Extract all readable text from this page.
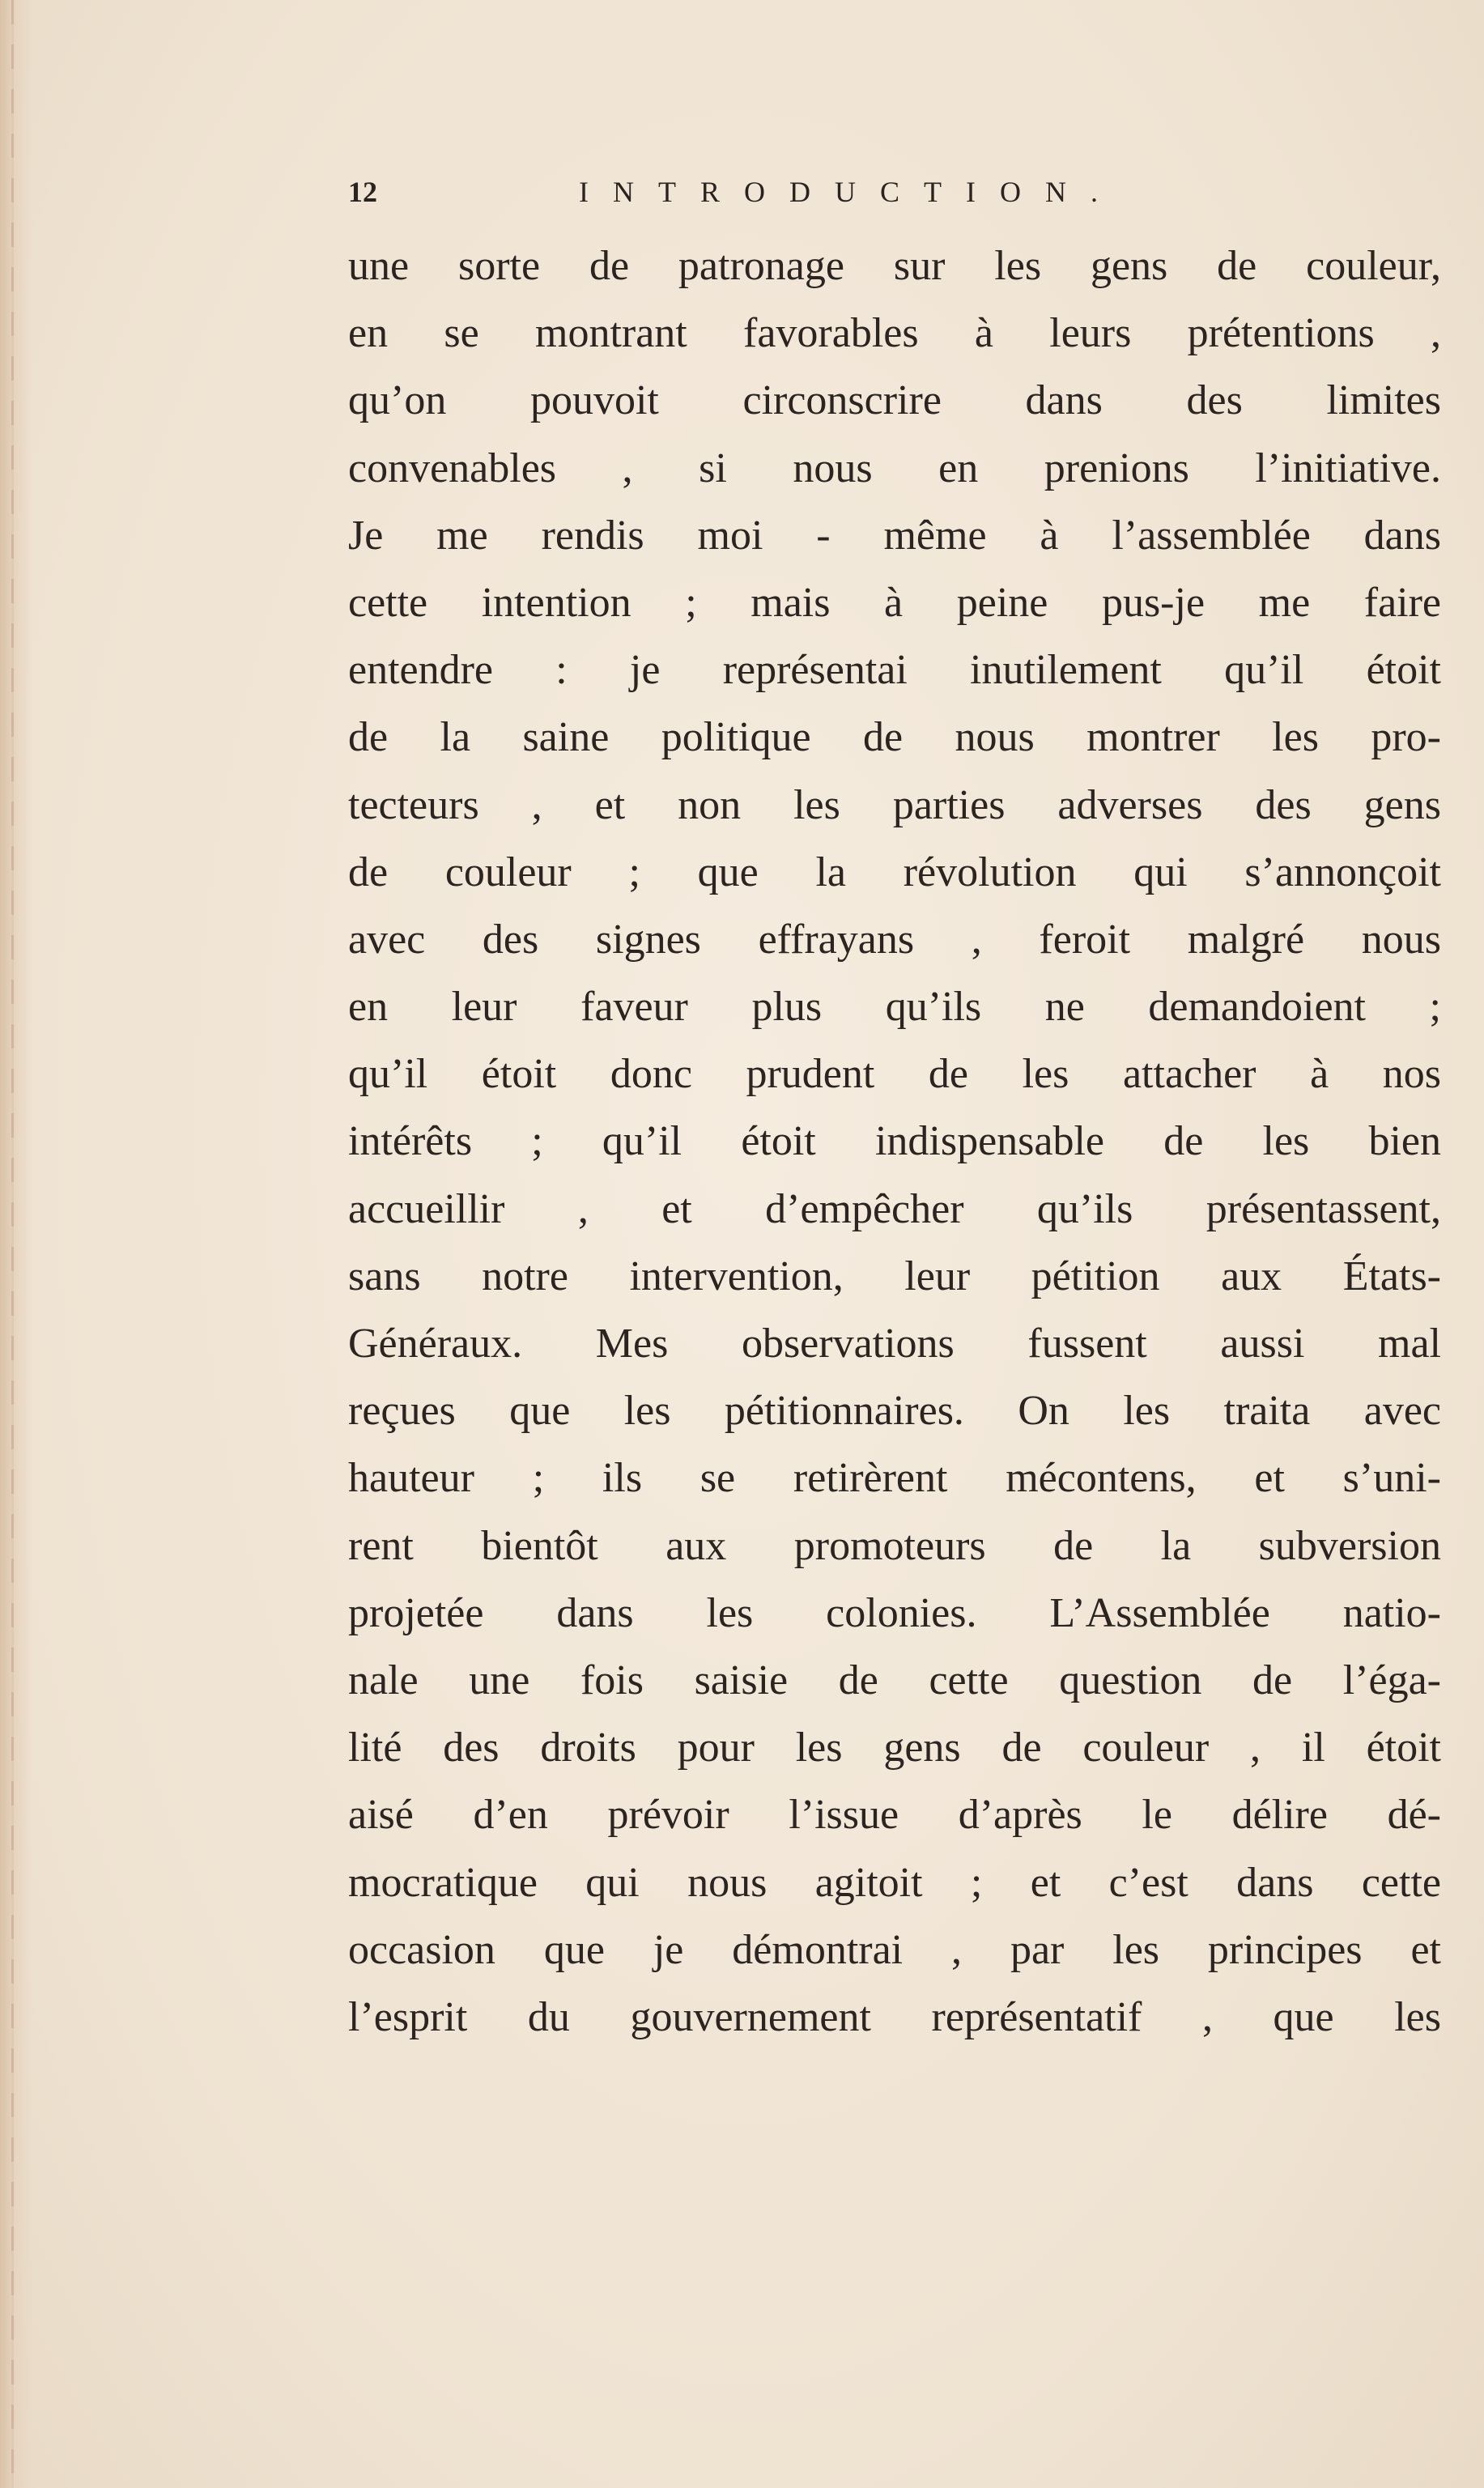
12	INTRODUCTION.
une sorte de patronage sur les gens de couleur,
en se montrant favorables à leurs prétentions ,
qu’on pouvoit circonscrire dans des limites
convenables , si nous en prenions l’initiative.
Je me rendis moi - même à l’assemblée dans
cette intention ; mais à peine pus-je me faire
entendre : je représentai inutilement qu’il étoit
de la saine politique de nous montrer les pro-
tecteurs , et non les parties adverses des gens
de couleur ; que la révolution qui s’annonçoit
avec des signes effrayans , feroit malgré nous
en leur faveur plus qu’ils ne demandoient ;
qu’il étoit donc prudent de les attacher à nos
intérêts ; qu’il étoit indispensable de les bien
accueillir , et d’empêcher qu’ils présentassent,
sans notre intervention, leur pétition aux États-
Généraux. Mes observations fussent aussi mal
reçues que les pétitionnaires. On les traita avec
hauteur ; ils se retirèrent mécontens, et s’uni-
rent bientôt aux promoteurs de la subversion
projetée dans les colonies. L’Assemblée natio-
nale une fois saisie de cette question de l’éga-
lité des droits pour les gens de couleur , il étoit
aisé d’en prévoir l’issue d’après le délire dé-
mocratique qui nous agitoit ; et c’est dans cette
occasion que je démontrai , par les principes et
l’esprit du gouvernement représentatif , que les
